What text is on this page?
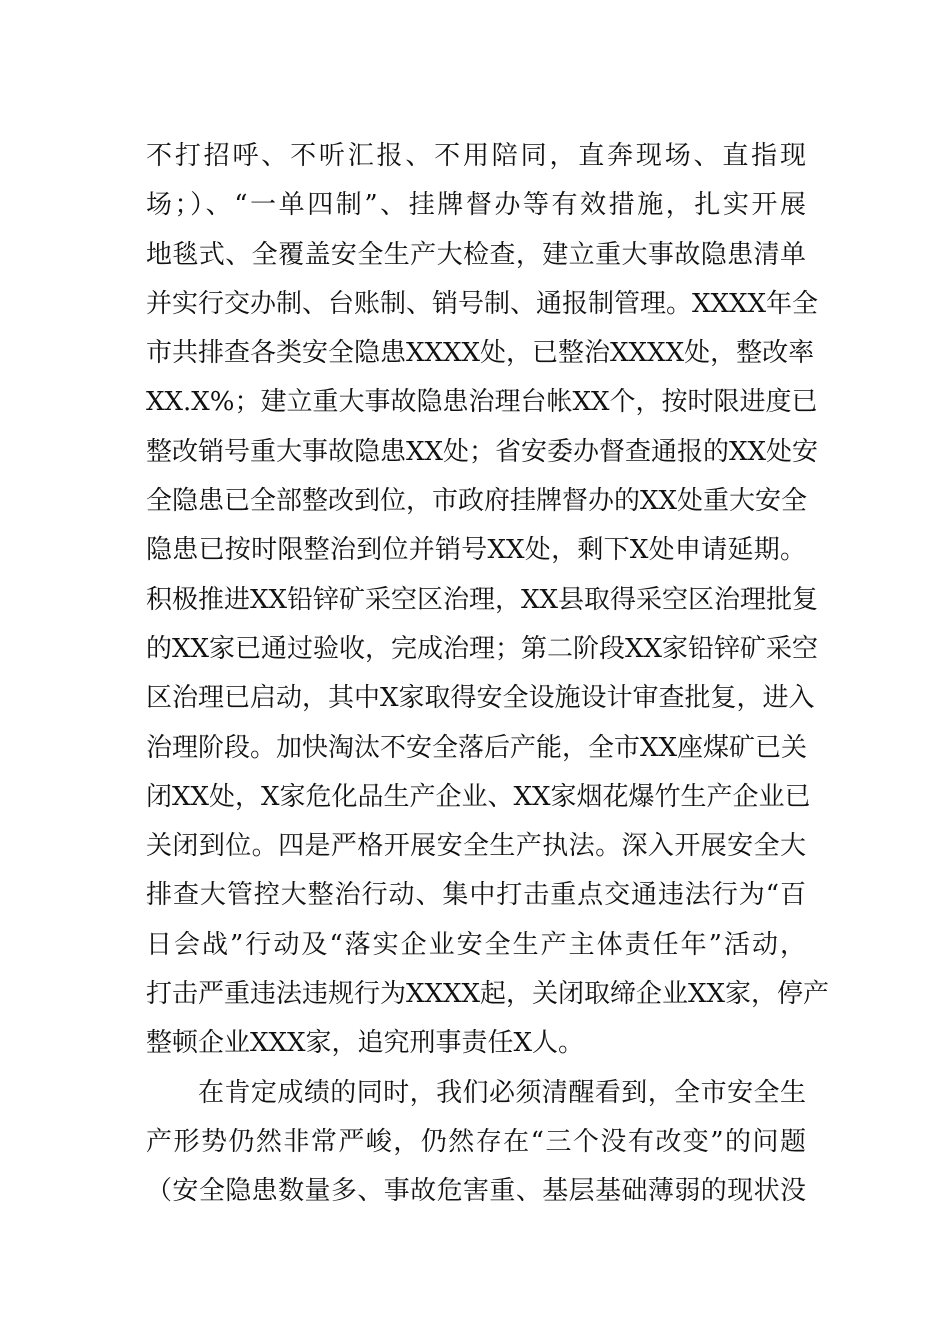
不打招呼、不听汇报、不用陪同，直奔现场、直指现
场；）、“一单四制”、挂牌督办等有效措施，扎实开展
地毯式、全覆盖安全生产大检查，建立重大事故隐患清单
并实行交办制、台账制、销号制、通报制管理。XXXX年全
市共排查各类安全隐患XXXX处，已整治XXXX处，整改率
XX.X%；建立重大事故隐患治理台帐XX个，按时限进度已
整改销号重大事故隐患XX处；省安委办督查通报的XX处安
全隐患已全部整改到位，市政府挂牌督办的XX处重大安全
隐患已按时限整治到位并销号XX处，剩下X处申请延期。
积极推进XX铅锌矿采空区治理，XX县取得采空区治理批复
的XX家已通过验收，完成治理；第二阶段XX家铅锌矿采空
区治理已启动，其中X家取得安全设施设计审查批复，进入
治理阶段。加快淘汰不安全落后产能，全市XX座煤矿已关
闭XX处，X家危化品生产企业、XX家烟花爆竹生产企业已
关闭到位。四是严格开展安全生产执法。深入开展安全大
排查大管控大整治行动、集中打击重点交通违法行为“百
日会战”行动及“落实企业安全生产主体责任年”活动，
打击严重违法违规行为XXXX起，关闭取缔企业XX家，停产
整顿企业XXX家，追究刑事责任X人。
在肯定成绩的同时，我们必须清醒看到，全市安全生
产形势仍然非常严峻，仍然存在“三个没有改变”的问题
（安全隐患数量多、事故危害重、基层基础薄弱的现状没
